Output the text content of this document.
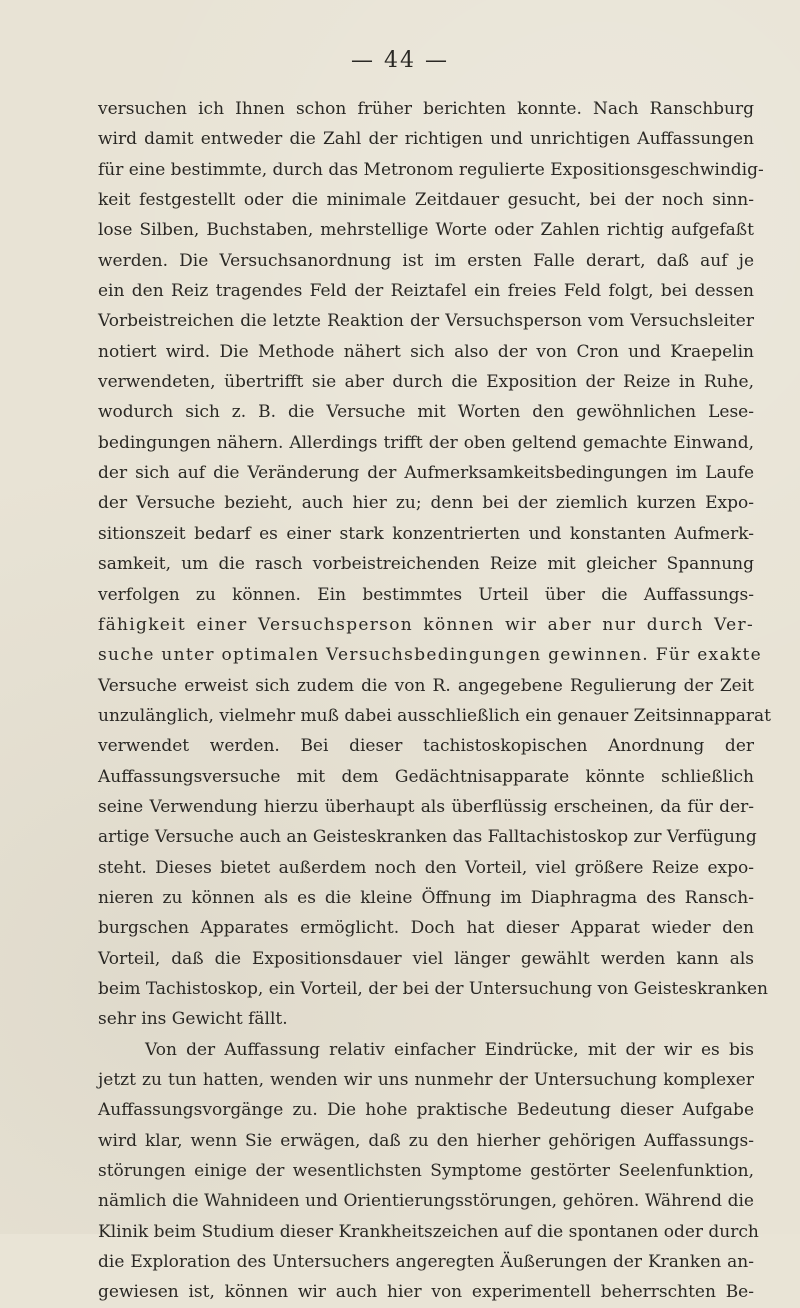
— 44 —
versuchen ich Ihnen schon früher berichten konnte. Nach Ranschburg
wird damit entweder die Zahl der richtigen und unrichtigen Auffassungen
für eine bestimmte, durch das Metronom regulierte Expositionsgeschwindig-
keit festgestellt oder die minimale Zeitdauer gesucht, bei der noch sinn-
lose Silben, Buchstaben, mehrstellige Worte oder Zahlen richtig aufgefaßt
werden. Die Versuchsanordnung ist im ersten Falle derart, daß auf je
ein den Reiz tragendes Feld der Reiztafel ein freies Feld folgt, bei dessen
Vorbeistreichen die letzte Reaktion der Versuchsperson vom Versuchsleiter
notiert wird. Die Methode nähert sich also der von Cron und Kraepelin
verwendeten, übertrifft sie aber durch die Exposition der Reize in Ruhe,
wodurch sich z. B. die Versuche mit Worten den gewöhnlichen Lese-
bedingungen nähern. Allerdings trifft der oben geltend gemachte Einwand,
der sich auf die Veränderung der Aufmerksamkeitsbedingungen im Laufe
der Versuche bezieht, auch hier zu; denn bei der ziemlich kurzen Expo-
sitionszeit bedarf es einer stark konzentrierten und konstanten Aufmerk-
samkeit, um die rasch vorbeistreichenden Reize mit gleicher Spannung
verfolgen zu können. Ein bestimmtes Urteil über die Auffassungs-
fähigkeit einer Versuchsperson können wir aber nur durch Ver-
suche unter optimalen Versuchsbedingungen gewinnen. Für exakte
Versuche erweist sich zudem die von R. angegebene Regulierung der Zeit
unzulänglich, vielmehr muß dabei ausschließlich ein genauer Zeitsinnapparat
verwendet werden. Bei dieser tachistoskopischen Anordnung der
Auffassungsversuche mit dem Gedächtnisapparate könnte schließlich
seine Verwendung hierzu überhaupt als überflüssig erscheinen, da für der-
artige Versuche auch an Geisteskranken das Falltachistoskop zur Verfügung
steht. Dieses bietet außerdem noch den Vorteil, viel größere Reize expo-
nieren zu können als es die kleine Öffnung im Diaphragma des Ransch-
burgschen Apparates ermöglicht. Doch hat dieser Apparat wieder den
Vorteil, daß die Expositionsdauer viel länger gewählt werden kann als
beim Tachistoskop, ein Vorteil, der bei der Untersuchung von Geisteskranken
sehr ins Gewicht fällt.
Von der Auffassung relativ einfacher Eindrücke, mit der wir es bis
jetzt zu tun hatten, wenden wir uns nunmehr der Untersuchung komplexer
Auffassungsvorgänge zu. Die hohe praktische Bedeutung dieser Aufgabe
wird klar, wenn Sie erwägen, daß zu den hierher gehörigen Auffassungs-
störungen einige der wesentlichsten Symptome gestörter Seelenfunktion,
nämlich die Wahnideen und Orientierungsstörungen, gehören. Während die
Klinik beim Studium dieser Krankheitszeichen auf die spontanen oder durch
die Exploration des Untersuchers angeregten Äußerungen der Kranken an-
gewiesen ist, können wir auch hier von experimentell beherrschten Be-
